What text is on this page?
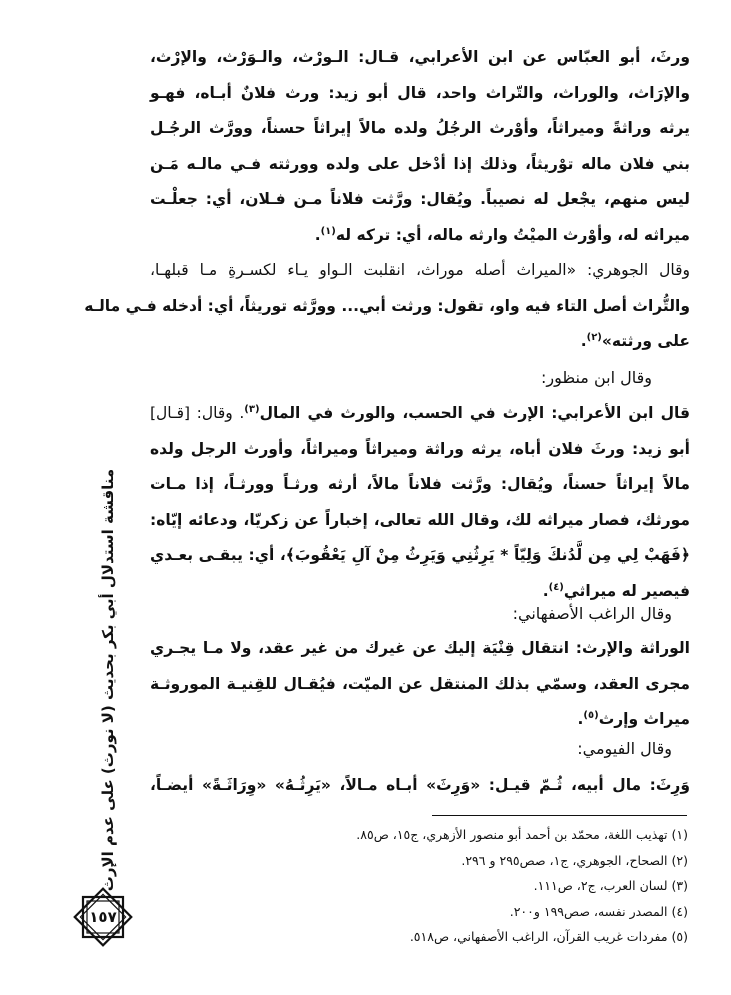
ورثَ، أبو العبّاس عن ابن الأعرابي، قـال: الـورْث، والـوَرْث، والإرْث،
والإرَاث، والوراث، والتّراث واحد، قال أبو زيد: ورث فلانٌ أبـاه، فهـو
يرثه وراثةً وميراثاً، وأوْرث الرجُلُ ولده مالاً إيراثاً حسناً، وورَّث الرجُـل
بني فلان ماله توْريثاً، وذلك إذا أدْخل على ولده وورثته فـي مالـه مَـن
ليس منهم، يجْعل له نصيباً. ويُقال: ورَّثت فلاناً مـن فـلان، أي: جعلْـت
ميراثه له، وأوْرث الميْتُ وارثه ماله، أي: تركه له$^{(١)}$.
وقال الجوهري: «الميراث أصله موراث، انقلبت الـواو يـاء لكسـرةِ مـا قبلهـا،
والتُّراث أصل التاء فيه واو، تقول: ورثت أبي... وورَّثه توريثاً، أي: أدخله فـي مالـه
على ورثته»$^{(٢)}$.
وقال ابن منظور:
قال ابن الأعرابي: الإرث في الحسب، والورث في المال$^{(٣)}$. وقال: [قـال]
أبو زيد: ورثَ فلان أباه، يرثه وراثة وميراثاً وميراثاً، وأورث الرجل ولده
مالاً إيراثاً حسناً، ويُقال: ورَّثت فلاناً مالاً، أرثه ورثـاً وورثـاً، إذا مـات
مورثك، فصار ميراثه لك، وقال الله تعالى، إخباراً عن زكريّا، ودعائه إيّاه:
﴿فَهَبْ لِي مِن لَّدُنكَ وَلِيّاً * يَرِثُنِي وَيَرِثُ مِنْ آلِ يَعْقُوبَ﴾، أي: يبقـى بعـدي
فيصير له ميراثي$^{(٤)}$.
وقال الراغب الأصفهاني:
الوراثة والإرث: انتقال قِنْيَة إليك عن غيرك من غير عقد، ولا مـا يجـري
مجرى العقد، وسمّي بذلك المنتقل عن الميّت، فيُقـال للقِنيـة الموروثـة
ميراث وإرث$^{(٥)}$.
وقال الفيومي:
وَرِثَ: مال أبيه، ثُـمّ قيـل: «وَرِثَ» أبـاه مـالاً، «يَرِثُـهُ» «وِرَاثَـةً» أيضـاً،
(١) تهذيب اللغة، محمّد بن أحمد أبو منصور الأزهري، ج١٥، ص٨٥.
(٢) الصحاح، الجوهري، ج١، صص٢٩٥ و ٢٩٦.
(٣) لسان العرب، ج٢، ص١١١.
(٤) المصدر نفسه، صص١٩٩ و٢٠٠.
(٥) مفردات غريب القرآن، الراغب الأصفهاني، ص٥١٨.
مناقشة استدلال أبي بكر بحديث (لا نورث) على عدم الإرث
١٥٧
